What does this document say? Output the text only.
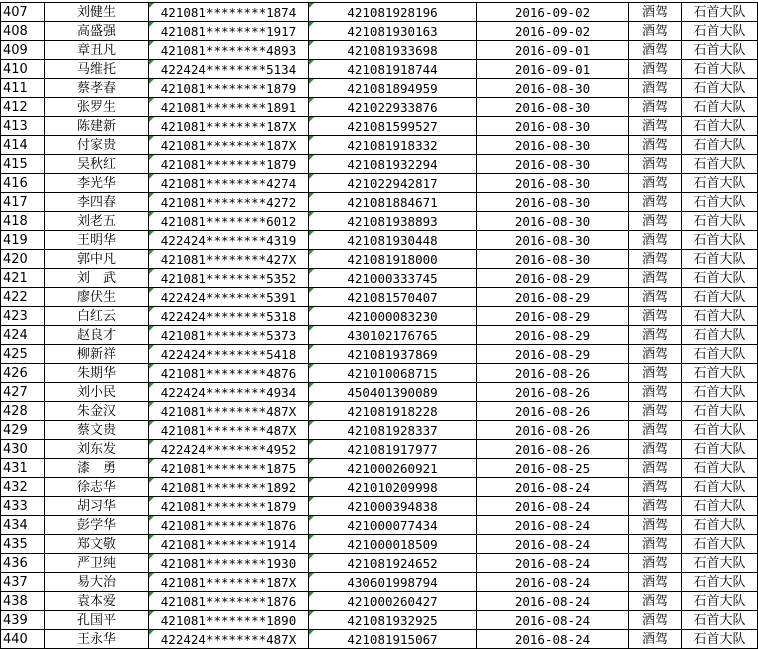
407	刘健生	421081********1874	421081928196	2016-09-02	酒驾	石首大队
408	高盛强	421081********1917	421081930163	2016-09-02	酒驾	石首大队
409	章丑凡	421081********4893	421081933698	2016-09-01	酒驾	石首大队
410	马维托	422424********5134	421081918744	2016-09-01	酒驾	石首大队
411	蔡孝春	421081********1879	421081894959	2016-08-30	酒驾	石首大队
412	张罗生	421081********1891	421022933876	2016-08-30	酒驾	石首大队
413	陈建新	421081********187X	421081599527	2016-08-30	酒驾	石首大队
414	付家贵	421081********187X	421081918332	2016-08-30	酒驾	石首大队
415	吴秋红	421081********1879	421081932294	2016-08-30	酒驾	石首大队
416	李光华	421081********4274	421022942817	2016-08-30	酒驾	石首大队
417	李四春	421081********4272	421081884671	2016-08-30	酒驾	石首大队
418	刘老五	421081********6012	421081938893	2016-08-30	酒驾	石首大队
419	王明华	422424********4319	421081930448	2016-08-30	酒驾	石首大队
420	郭中凡	421081********427X	421081918000	2016-08-30	酒驾	石首大队
421	刘　武	421081********5352	421000333745	2016-08-29	酒驾	石首大队
422	廖伏生	422424********5391	421081570407	2016-08-29	酒驾	石首大队
423	白红云	422424********5318	421000083230	2016-08-29	酒驾	石首大队
424	赵良才	421081********5373	430102176765	2016-08-29	酒驾	石首大队
425	柳新祥	422424********5418	421081937869	2016-08-29	酒驾	石首大队
426	朱期华	421081********4876	421010068715	2016-08-26	酒驾	石首大队
427	刘小民	422424********4934	450401390089	2016-08-26	酒驾	石首大队
428	朱金汉	421081********487X	421081918228	2016-08-26	酒驾	石首大队
429	蔡文贵	421081********487X	421081928337	2016-08-26	酒驾	石首大队
430	刘东发	422424********4952	421081917977	2016-08-26	酒驾	石首大队
431	漆　勇	421081********1875	421000260921	2016-08-25	酒驾	石首大队
432	徐志华	421081********1892	421010209998	2016-08-24	酒驾	石首大队
433	胡习华	421081********1879	421000394838	2016-08-24	酒驾	石首大队
434	彭学华	421081********1876	421000077434	2016-08-24	酒驾	石首大队
435	郑文敬	421081********1914	421000018509	2016-08-24	酒驾	石首大队
436	严卫纯	421081********1930	421081924652	2016-08-24	酒驾	石首大队
437	易大治	421081********187X	430601998794	2016-08-24	酒驾	石首大队
438	袁本爱	421081********1876	421000260427	2016-08-24	酒驾	石首大队
439	孔国平	421081********1890	421081932925	2016-08-24	酒驾	石首大队
440	王永华	422424********487X	421081915067	2016-08-24	酒驾	石首大队
